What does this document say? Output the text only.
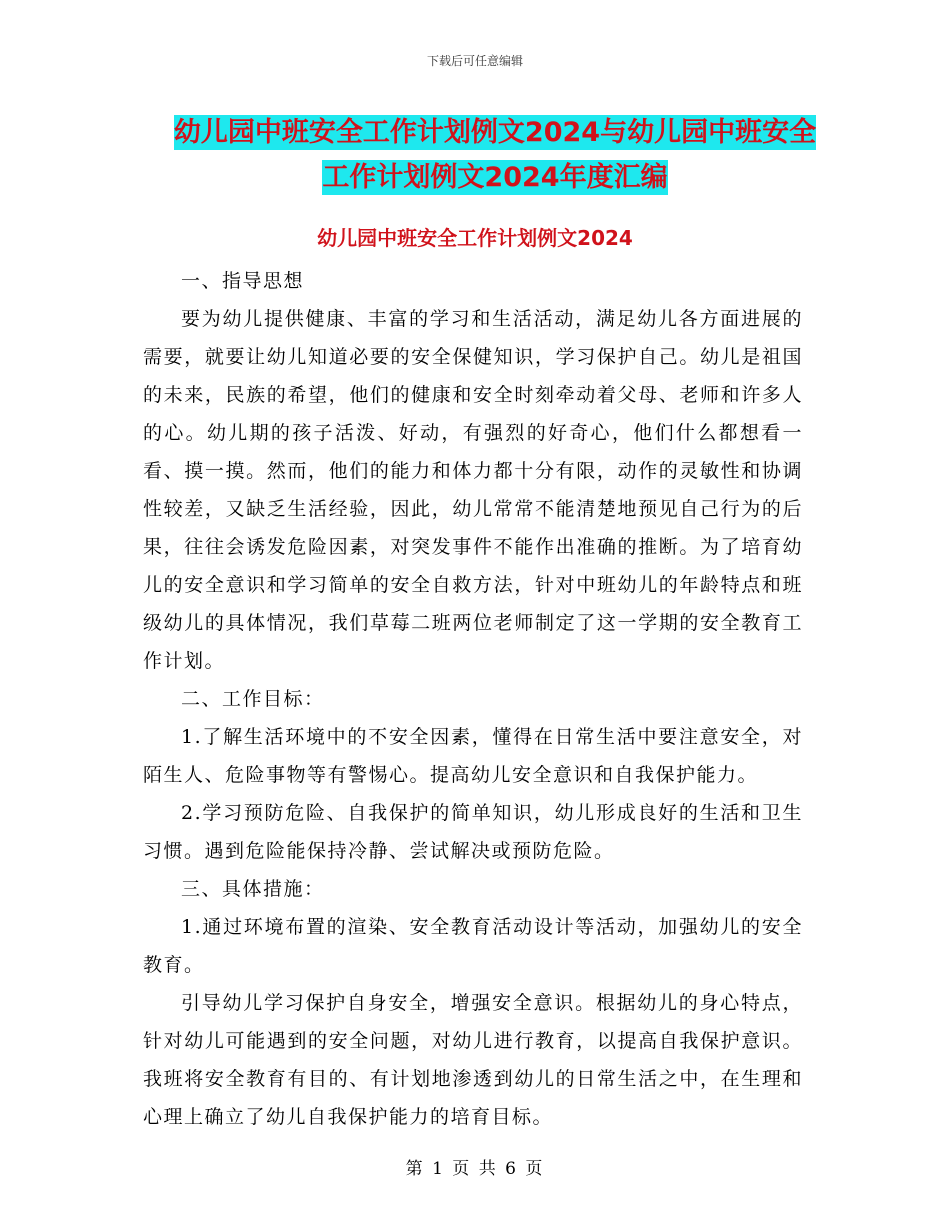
下载后可任意编辑
幼儿园中班安全工作计划例文2024与幼儿园中班安全
工作计划例文2024年度汇编
幼儿园中班安全工作计划例文2024

一、指导思想

要为幼儿提供健康、丰富的学习和生活活动，满足幼儿各方面进展的需要，就要让幼儿知道必要的安全保健知识，学习保护自己。幼儿是祖国的未来，民族的希望，他们的健康和安全时刻牵动着父母、老师和许多人的心。幼儿期的孩子活泼、好动，有强烈的好奇心，他们什么都想看一看、摸一摸。然而，他们的能力和体力都十分有限，动作的灵敏性和协调性较差，又缺乏生活经验，因此，幼儿常常不能清楚地预见自己行为的后果，往往会诱发危险因素，对突发事件不能作出准确的推断。为了培育幼儿的安全意识和学习简单的安全自救方法，针对中班幼儿的年龄特点和班级幼儿的具体情况，我们草莓二班两位老师制定了这一学期的安全教育工作计划。

二、工作目标：

1.了解生活环境中的不安全因素，懂得在日常生活中要注意安全，对陌生人、危险事物等有警惕心。提高幼儿安全意识和自我保护能力。

2.学习预防危险、自我保护的简单知识，幼儿形成良好的生活和卫生习惯。遇到危险能保持冷静、尝试解决或预防危险。

三、具体措施：

1.通过环境布置的渲染、安全教育活动设计等活动，加强幼儿的安全教育。

引导幼儿学习保护自身安全，增强安全意识。根据幼儿的身心特点，针对幼儿可能遇到的安全问题，对幼儿进行教育，以提高自我保护意识。我班将安全教育有目的、有计划地渗透到幼儿的日常生活之中，在生理和心理上确立了幼儿自我保护能力的培育目标。

第 1 页 共 6 页
